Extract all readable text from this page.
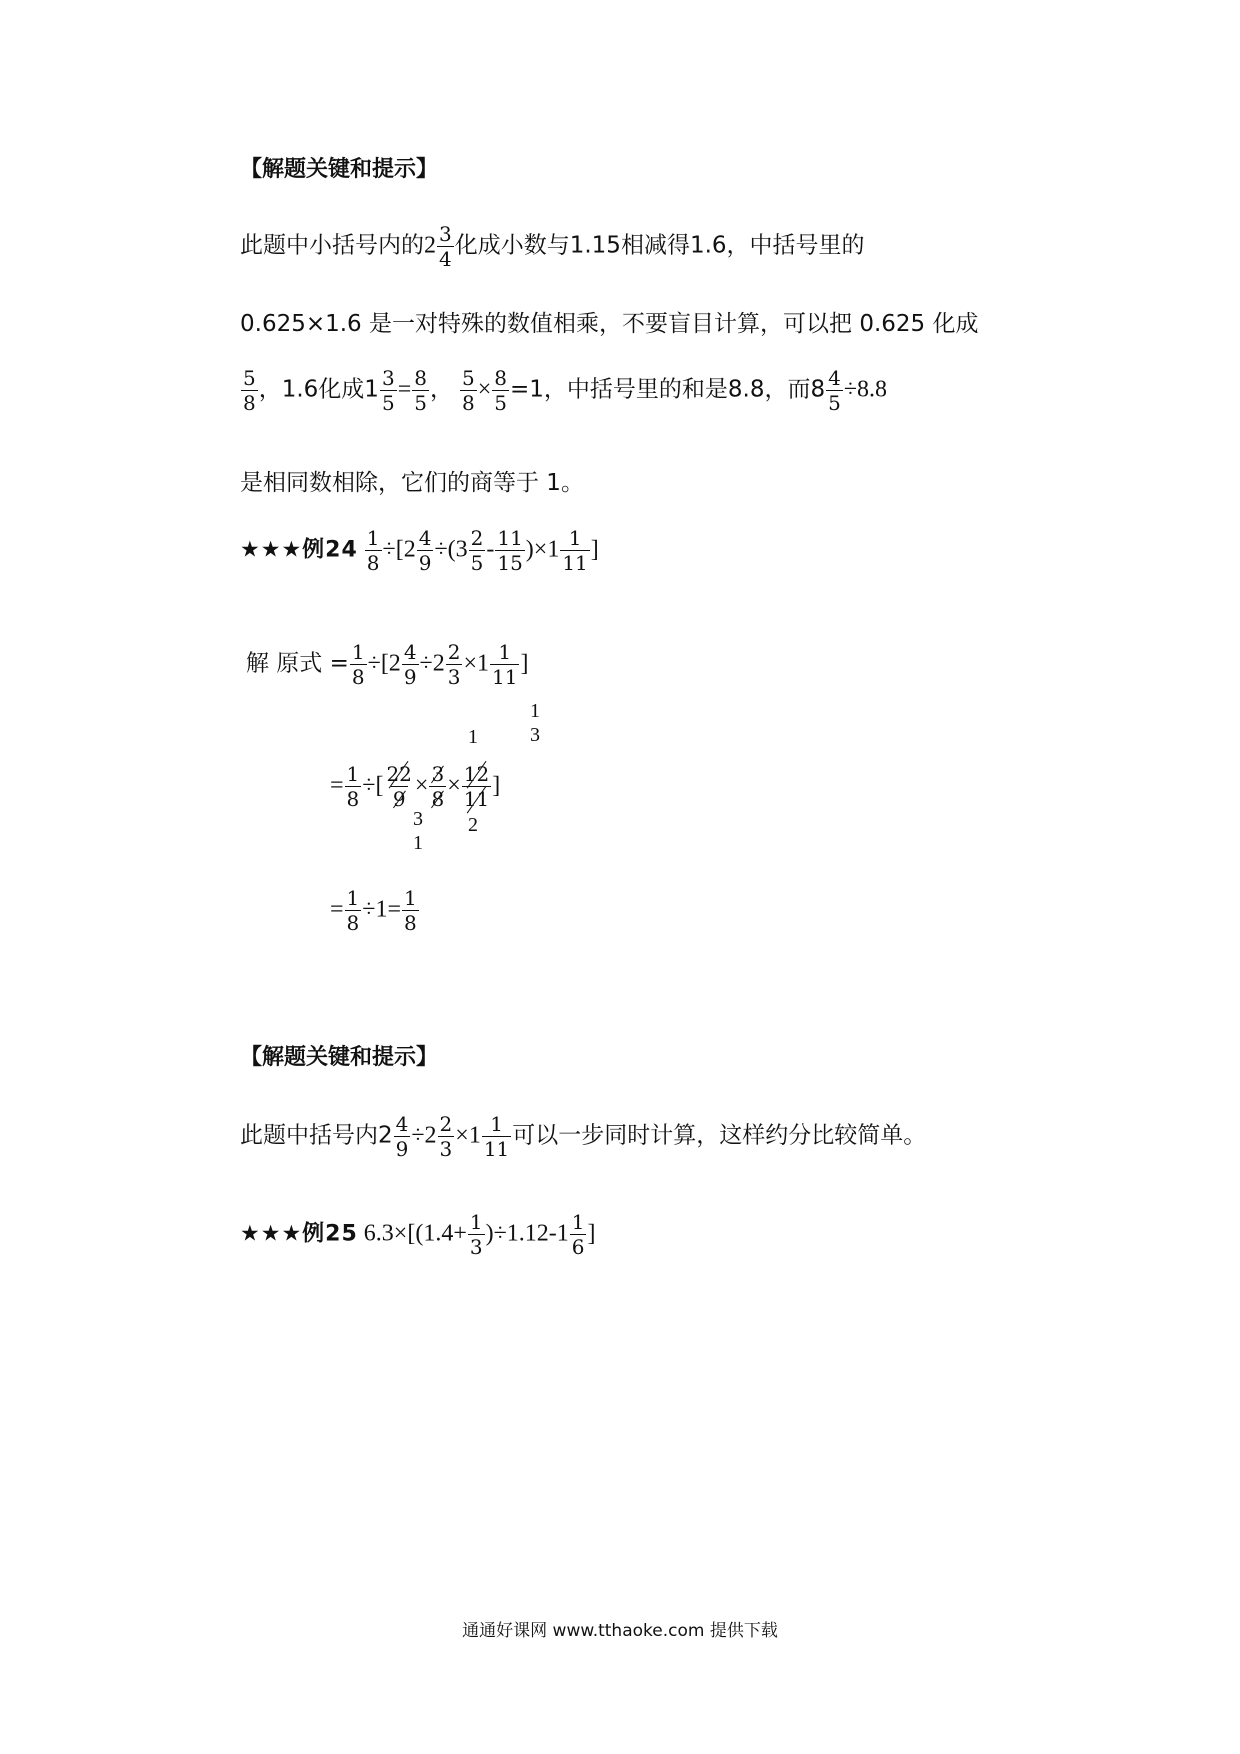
【解题关键和提示】
此题中小括号内的$2 \frac{3}{4}$ 化成小数与1.15相减得1.6，中括号里的
0.625×1.6 是一对特殊的数值相乘，不要盲目计算，可以把 0.625 化成
$\frac{5}{8}$ ，1.6化成$1 \frac{3}{5} = \frac{8}{5}$ ， $\frac{5}{8} \times \frac{8}{5} =1$，中括号里的和是8.8，而$8 \frac{4}{5} \div 8.8$
是相同数相除，它们的商等于 1。
★★★例$24 \frac{1}{8} \div[2 \frac{4}{9} \div(3 \frac{2}{5} - \frac{11}{15} )\times 1 \frac{1}{11}$ ]
解 原式 = $\frac{1}{8} \div[2 \frac{4}{9} \div 2 \frac{2}{3} \times 1 \frac{1}{11}$ ]
= $\frac{1}{8}$ ÷[ $\frac{22}{9} \times \frac{3}{8} \times \frac{12}{11}$ ]
1
1
3
3
1
2
= $\frac{1}{8} \div 1= \frac{1}{8}$
【解题关键和提示】
此题中括号内$2 \frac{4}{9} \div 2 \frac{2}{3} \times 1 \frac{1}{11}$ 可以一步同时计算，这样约分比较简单。
★★★例25 $6.3\times[(1.4+ \frac{1}{3} )\div 1.12-1 \frac{1}{6}$ ]
通通好课网 www.tthaoke.com 提供下载
